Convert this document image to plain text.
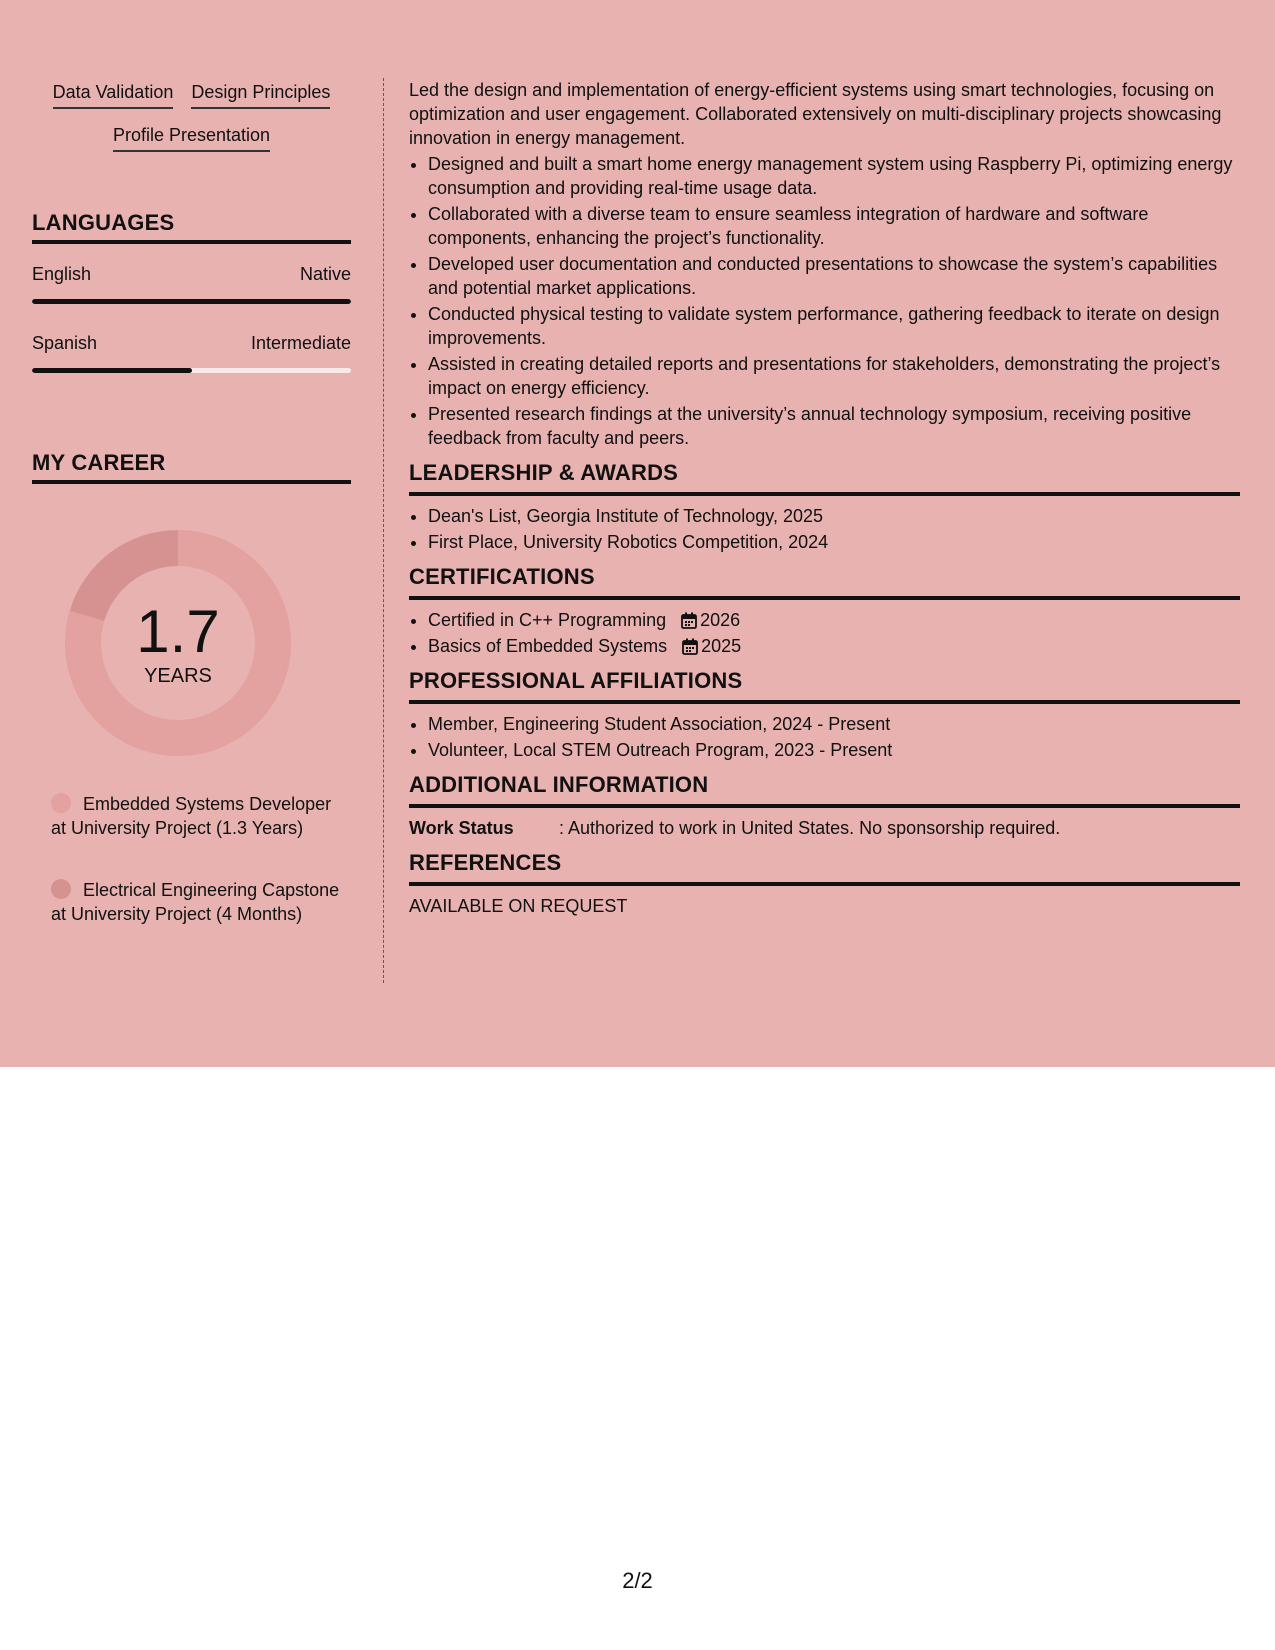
Data Validation Design Principles
Profile Presentation
LANGUAGES
English	Native
Spanish	Intermediate
MY CAREER
1.7
YEARS
Embedded Systems Developer at University Project (1.3 Years)
Electrical Engineering Capstone at University Project (4 Months)

Led the design and implementation of energy-efficient systems using smart technologies, focusing on optimization and user engagement. Collaborated extensively on multi-disciplinary projects showcasing innovation in energy management.

• Designed and built a smart home energy management system using Raspberry Pi, optimizing energy consumption and providing real-time usage data.
• Collaborated with a diverse team to ensure seamless integration of hardware and software components, enhancing the project’s functionality.
• Developed user documentation and conducted presentations to showcase the system’s capabilities and potential market applications.
• Conducted physical testing to validate system performance, gathering feedback to iterate on design improvements.
• Assisted in creating detailed reports and presentations for stakeholders, demonstrating the project’s impact on energy efficiency.
• Presented research findings at the university’s annual technology symposium, receiving positive feedback from faculty and peers.
LEADERSHIP & AWARDS
• Dean's List, Georgia Institute of Technology, 2025
• First Place, University Robotics Competition, 2024
CERTIFICATIONS
• Certified in C++ Programming 2026
• Basics of Embedded Systems 2025
PROFESSIONAL AFFILIATIONS
• Member, Engineering Student Association, 2024 - Present
• Volunteer, Local STEM Outreach Program, 2023 - Present
ADDITIONAL INFORMATION
Work Status	: Authorized to work in United States. No sponsorship required.
REFERENCES
AVAILABLE ON REQUEST
2/2
